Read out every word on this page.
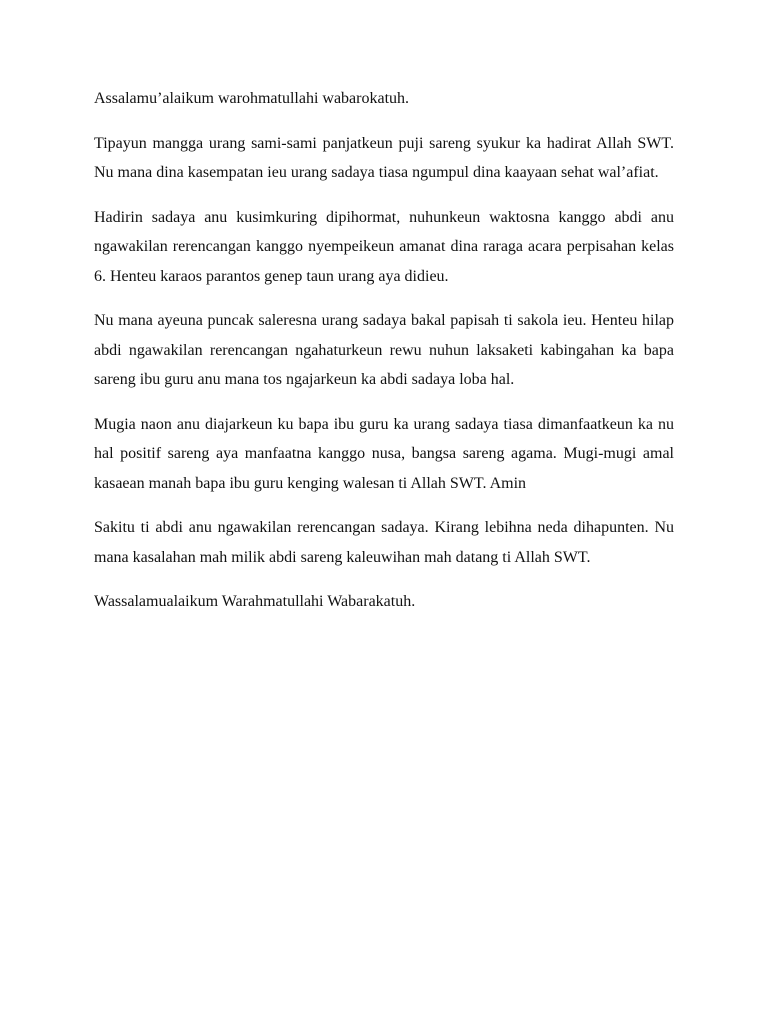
Assalamu’alaikum warohmatullahi wabarokatuh.

Tipayun mangga urang sami-sami panjatkeun puji sareng syukur ka hadirat Allah SWT. Nu mana dina kasempatan ieu urang sadaya tiasa ngumpul dina kaayaan sehat wal’afiat.

Hadirin sadaya anu kusimkuring dipihormat, nuhunkeun waktosna kanggo abdi anu ngawakilan rerencangan kanggo nyempeikeun amanat dina raraga acara perpisahan kelas 6. Henteu karaos parantos genep taun urang aya didieu.

Nu mana ayeuna puncak saleresna urang sadaya bakal papisah ti sakola ieu. Henteu hilap abdi ngawakilan rerencangan ngahaturkeun rewu nuhun laksaketi kabingahan ka bapa sareng ibu guru anu mana tos ngajarkeun ka abdi sadaya loba hal.

Mugia naon anu diajarkeun ku bapa ibu guru ka urang sadaya tiasa dimanfaatkeun ka nu hal positif sareng aya manfaatna kanggo nusa, bangsa sareng agama. Mugi-mugi amal kasaean manah bapa ibu guru kenging walesan ti Allah SWT. Amin

Sakitu ti abdi anu ngawakilan rerencangan sadaya. Kirang lebihna neda dihapunten. Nu mana kasalahan mah milik abdi sareng kaleuwihan mah datang ti Allah SWT.

Wassalamualaikum Warahmatullahi Wabarakatuh.
